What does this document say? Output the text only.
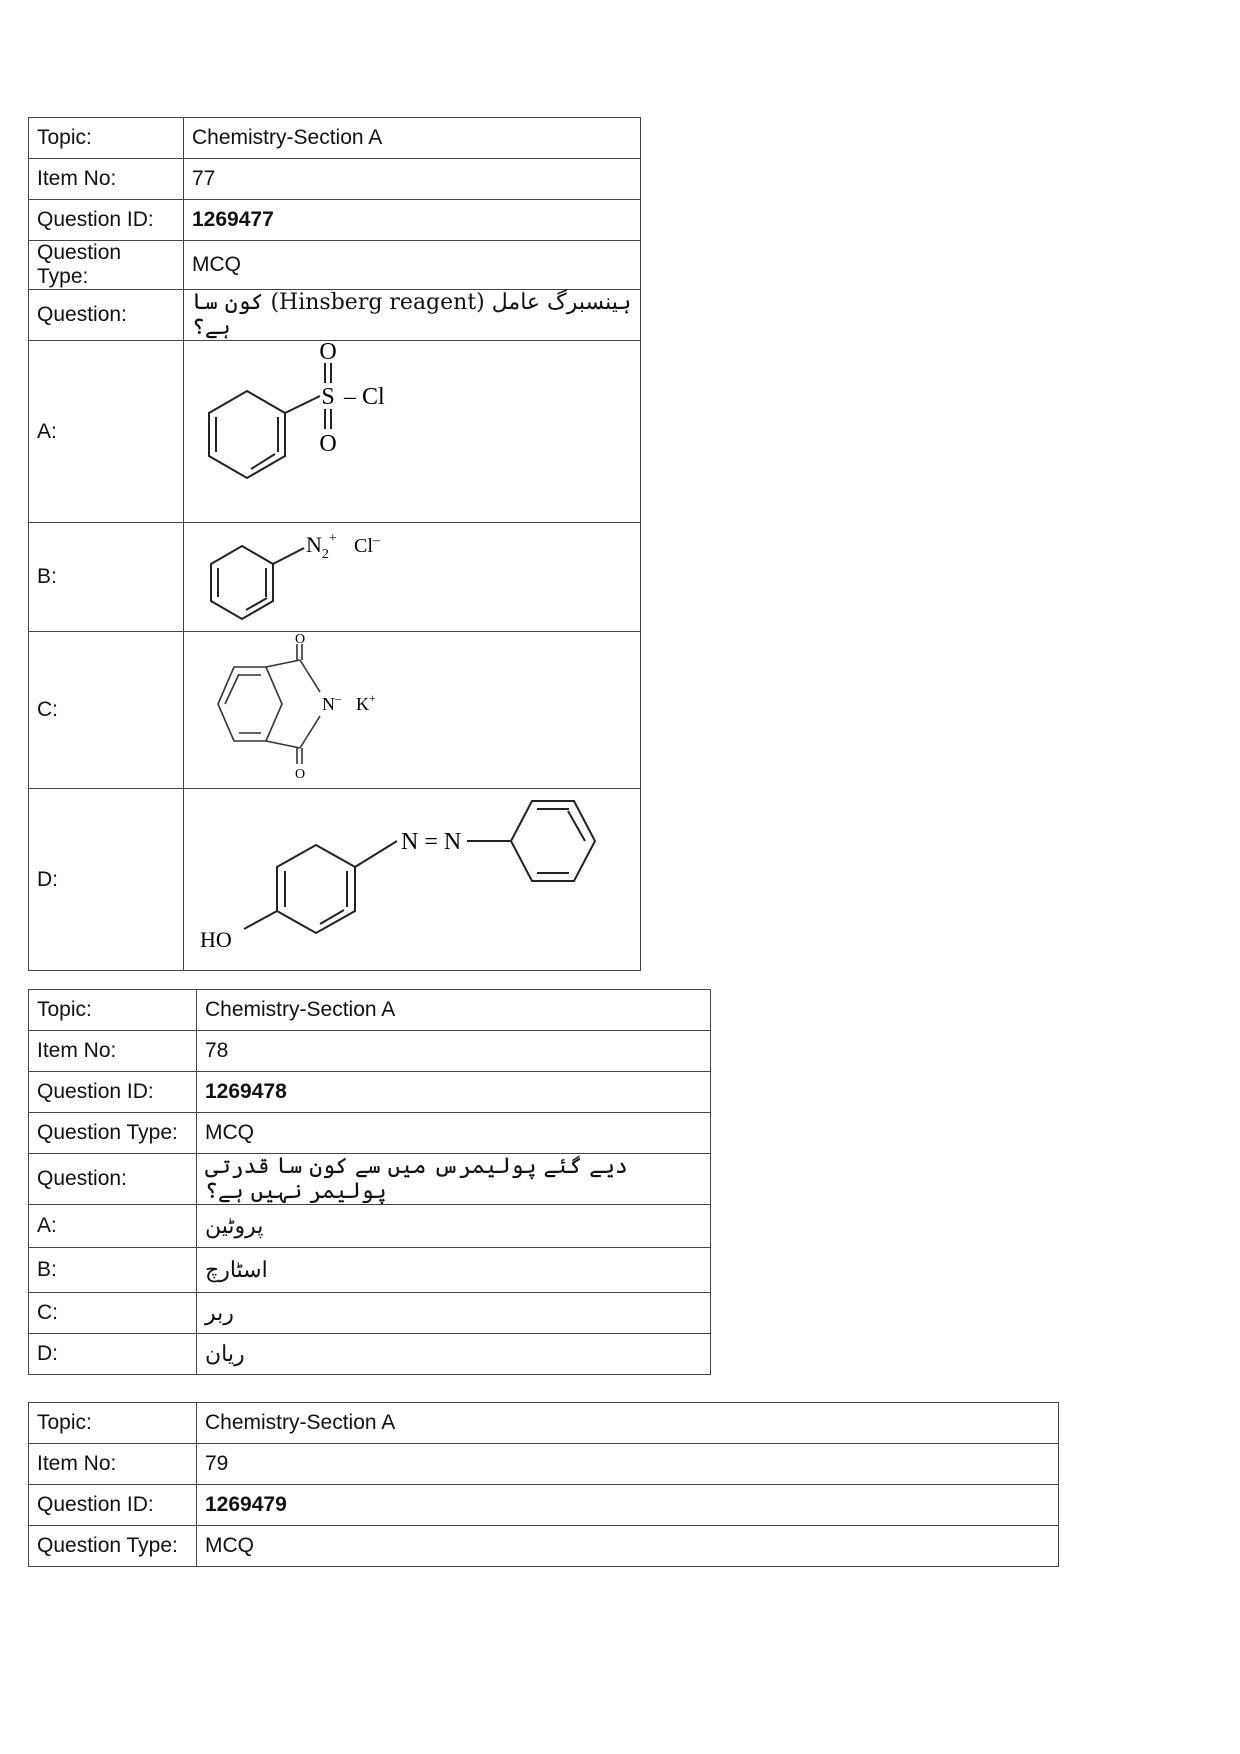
Topic:	Chemistry-Section A
Item No:	77
Question ID:	1269477
Question Type:	MCQ
Question:	ہینسبرگ عامل (Hinsberg reagent) کون سا ہے؟
A:	O
S – Cl
O

B:	$N_2^+$ Cl–

C:	O
O
N– K+

D:	N = N
HO
Topic:	Chemistry-Section A
Item No:	78
Question ID:	1269478
Question Type:	MCQ
Question:	دیے گئے پولیمرس میں سے کون سا قدرتی پولیمر نہیں ہے؟
A:	پروٹین
B:	اسٹارچ
C:	ربر
D:	ریان
Topic:	Chemistry-Section A
Item No:	79
Question ID:	1269479
Question Type:	MCQ
